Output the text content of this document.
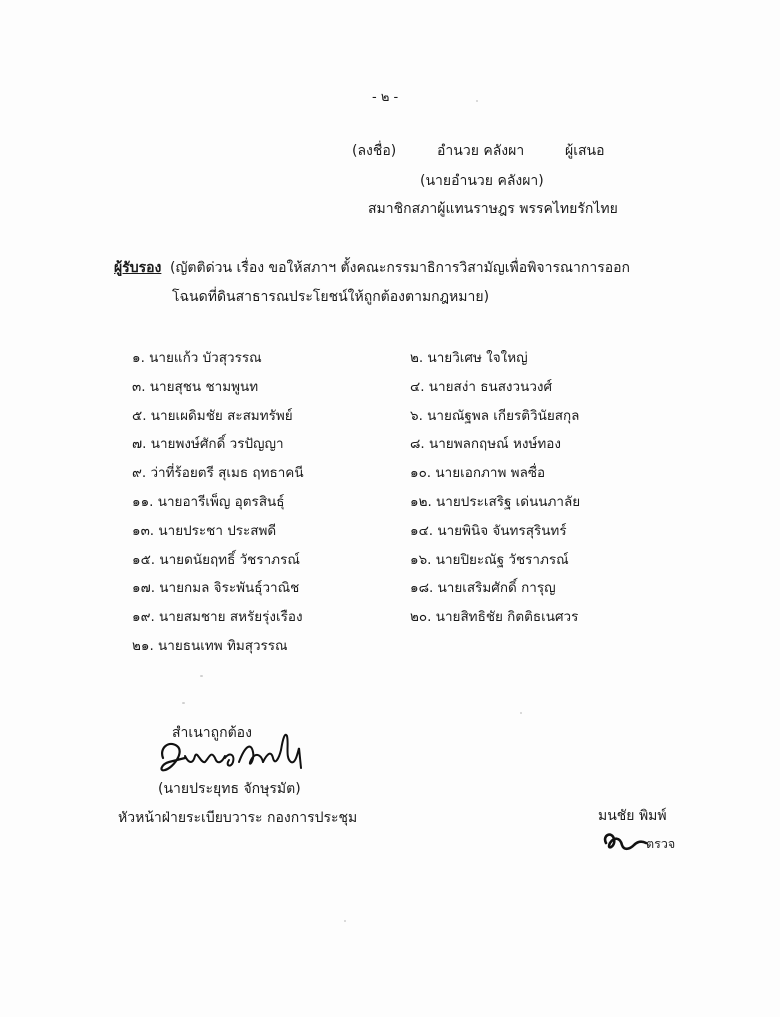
- ๒ -
(ลงชื่อ)	อำนวย คลังผา	ผู้เสนอ
(นายอำนวย คลังผา)
สมาชิกสภาผู้แทนราษฎร พรรคไทยรักไทย
ผู้รับรอง (ญัตติด่วน เรื่อง ขอให้สภาฯ ตั้งคณะกรรมาธิการวิสามัญเพื่อพิจารณาการออก
โฉนดที่ดินสาธารณประโยชน์ให้ถูกต้องตามกฎหมาย)
๑. นายแก้ว บัวสุวรรณ	๒. นายวิเศษ ใจใหญ่
๓. นายสุชน ชามพูนท	๔. นายสง่า ธนสงวนวงศ์
๕. นายเผดิมชัย สะสมทรัพย์	๖. นายณัฐพล เกียรติวินัยสกุล
๗. นายพงษ์ศักดิ์ วรปัญญา	๘. นายพลกฤษณ์ หงษ์ทอง
๙. ว่าที่ร้อยตรี สุเมธ ฤทธาคนี	๑๐. นายเอกภาพ พลซื่อ
๑๑. นายอารีเพ็ญ อุตรสินธุ์	๑๒. นายประเสริฐ เด่นนภาลัย
๑๓. นายประชา ประสพดี	๑๔. นายพินิจ จันทรสุรินทร์
๑๕. นายดนัยฤทธิ์ วัชราภรณ์	๑๖. นายปิยะณัฐ วัชราภรณ์
๑๗. นายกมล จิระพันธุ์วาณิช	๑๘. นายเสริมศักดิ์ การุญ
๑๙. นายสมชาย สหรัยรุ่งเรือง	๒๐. นายสิทธิชัย กิตติธเนศวร
๒๑. นายธนเทพ ทิมสุวรรณ
สำเนาถูกต้อง
(นายประยุทธ จักษุรมัต)
หัวหน้าฝ่ายระเบียบวาระ กองการประชุม	มนชัย พิมพ์
ตรวจ
